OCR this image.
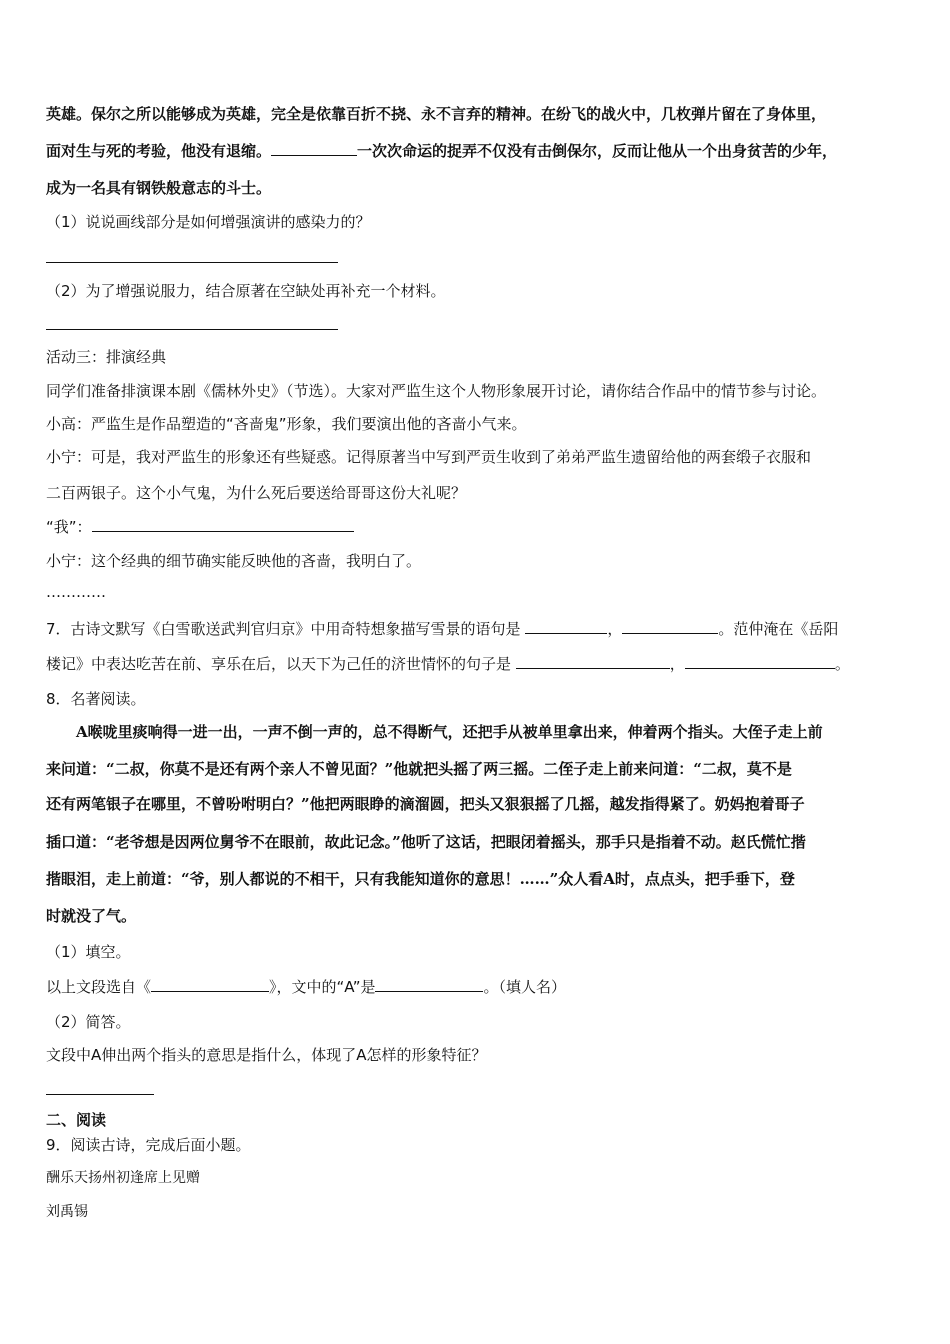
英雄。保尔之所以能够成为英雄，完全是依靠百折不挠、永不言弃的精神。在纷飞的战火中，几枚弹片留在了身体里，
面对生与死的考验，他没有退缩。	一次次命运的捉弄不仅没有击倒保尔，反而让他从一个出身贫苦的少年，
成为一名具有钢铁般意志的斗士。
（1）说说画线部分是如何增强演讲的感染力的？
（2）为了增强说服力，结合原著在空缺处再补充一个材料。
活动三：排演经典
同学们准备排演课本剧《儒林外史》（节选）。大家对严监生这个人物形象展开讨论，请你结合作品中的情节参与讨论。
小高：严监生是作品塑造的“吝啬鬼”形象，我们要演出他的吝啬小气来。
小宁：可是，我对严监生的形象还有些疑惑。记得原著当中写到严贡生收到了弟弟严监生遗留给他的两套缎子衣服和
二百两银子。这个小气鬼，为什么死后要送给哥哥这份大礼呢？
“我”：
小宁：这个经典的细节确实能反映他的吝啬，我明白了。
…………
7．古诗文默写《白雪歌送武判官归京》中用奇特想象描写雪景的语句是	，	。范仲淹在《岳阳
楼记》中表达吃苦在前、享乐在后，以天下为己任的济世情怀的句子是	，	。
8．名著阅读。
A喉咙里痰响得一进一出，一声不倒一声的，总不得断气，还把手从被单里拿出来，伸着两个指头。大侄子走上前
来问道：“二叔，你莫不是还有两个亲人不曾见面？”他就把头摇了两三摇。二侄子走上前来问道：“二叔，莫不是
还有两笔银子在哪里，不曾吩咐明白？”他把两眼睁的滴溜圆，把头又狠狠摇了几摇，越发指得紧了。奶妈抱着哥子
插口道：“老爷想是因两位舅爷不在眼前，故此记念。”他听了这话，把眼闭着摇头，那手只是指着不动。赵氏慌忙揩
揩眼泪，走上前道：“爷，别人都说的不相干，只有我能知道你的意思！……”众人看A时，点点头，把手垂下，登
时就没了气。
（1）填空。
以上文段选自《	》，文中的“A”是	。（填人名）
（2）简答。
文段中A伸出两个指头的意思是指什么，体现了A怎样的形象特征？
二、阅读
9．阅读古诗，完成后面小题。
酬乐天扬州初逢席上见赠
刘禹锡
